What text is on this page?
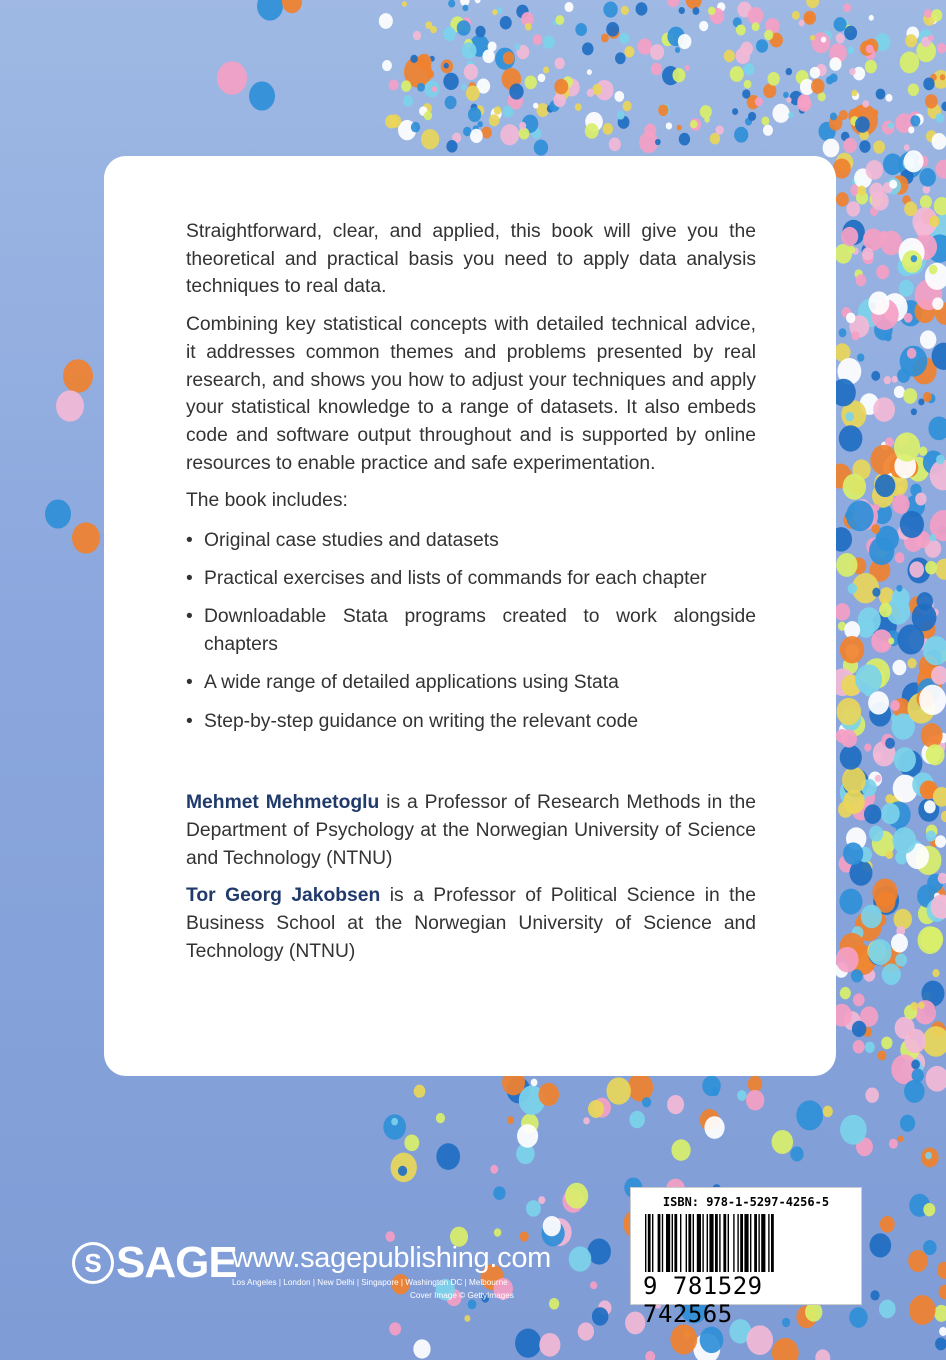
Straightforward, clear, and applied, this book will give you the theoretical and practical basis you need to apply data analysis techniques to real data.

Combining key statistical concepts with detailed technical advice, it addresses common themes and problems presented by real research, and shows you how to adjust your techniques and apply your statistical knowledge to a range of datasets. It also embeds code and software output throughout and is supported by online resources to enable practice and safe experimentation.

The book includes:

• Original case studies and datasets
• Practical exercises and lists of commands for each chapter
• Downloadable Stata programs created to work alongside chapters
• A wide range of detailed applications using Stata
• Step-by-step guidance on writing the relevant code

Mehmet Mehmetoglu is a Professor of Research Methods in the Department of Psychology at the Norwegian University of Science and Technology (NTNU)

Tor Georg Jakobsen is a Professor of Political Science in the Business School at the Norwegian University of Science and Technology (NTNU)

S SAGE
www.sagepublishing.com
Los Angeles | London | New Delhi | Singapore | Washington DC | Melbourne
Cover Image © GettyImages
ISBN: 978-1-5297-4256-5
9 781529 742565
